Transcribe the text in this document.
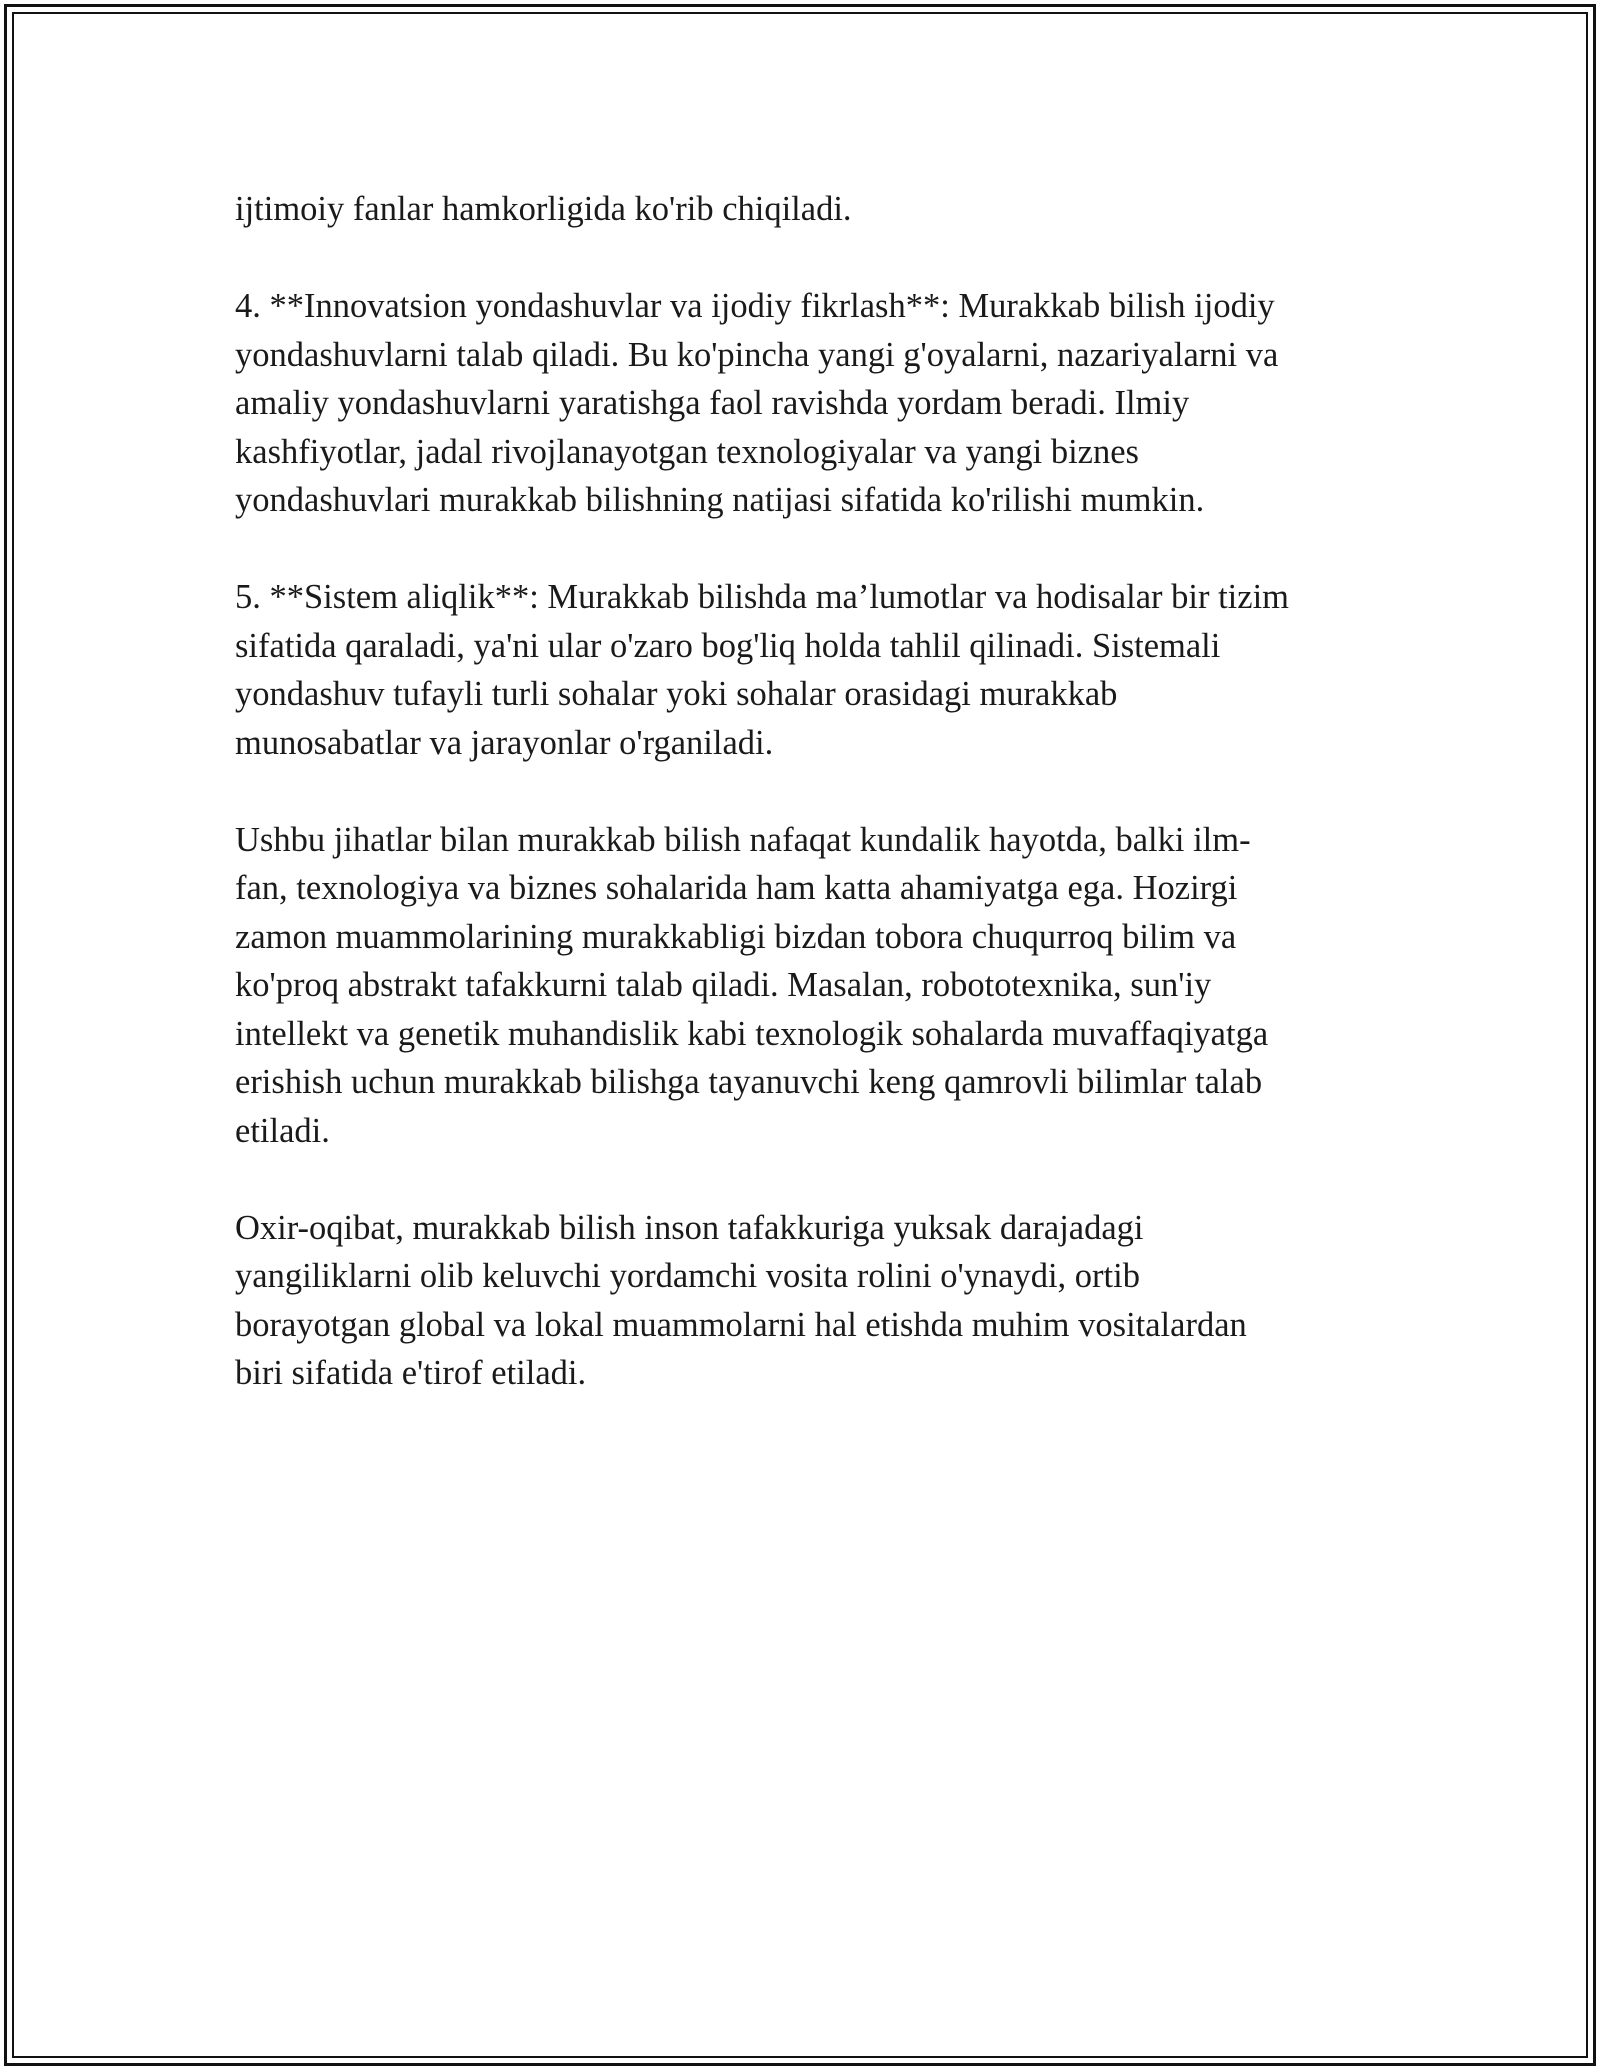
ijtimoiy fanlar hamkorligida ko'rib chiqiladi.

4. **Innovatsion yondashuvlar va ijodiy fikrlash**: Murakkab bilish ijodiy
yondashuvlarni talab qiladi. Bu ko'pincha yangi g'oyalarni, nazariyalarni va
amaliy yondashuvlarni yaratishga faol ravishda yordam beradi. Ilmiy
kashfiyotlar, jadal rivojlanayotgan texnologiyalar va yangi biznes
yondashuvlari murakkab bilishning natijasi sifatida ko'rilishi mumkin.

5. **Sistem aliqlik**: Murakkab bilishda ma’lumotlar va hodisalar bir tizim
sifatida qaraladi, ya'ni ular o'zaro bog'liq holda tahlil qilinadi. Sistemali
yondashuv tufayli turli sohalar yoki sohalar orasidagi murakkab
munosabatlar va jarayonlar o'rganiladi.

Ushbu jihatlar bilan murakkab bilish nafaqat kundalik hayotda, balki ilm-
fan, texnologiya va biznes sohalarida ham katta ahamiyatga ega. Hozirgi
zamon muammolarining murakkabligi bizdan tobora chuqurroq bilim va
ko'proq abstrakt tafakkurni talab qiladi. Masalan, robototexnika, sun'iy
intellekt va genetik muhandislik kabi texnologik sohalarda muvaffaqiyatga
erishish uchun murakkab bilishga tayanuvchi keng qamrovli bilimlar talab
etiladi.

Oxir-oqibat, murakkab bilish inson tafakkuriga yuksak darajadagi
yangiliklarni olib keluvchi yordamchi vosita rolini o'ynaydi, ortib
borayotgan global va lokal muammolarni hal etishda muhim vositalardan
biri sifatida e'tirof etiladi.
